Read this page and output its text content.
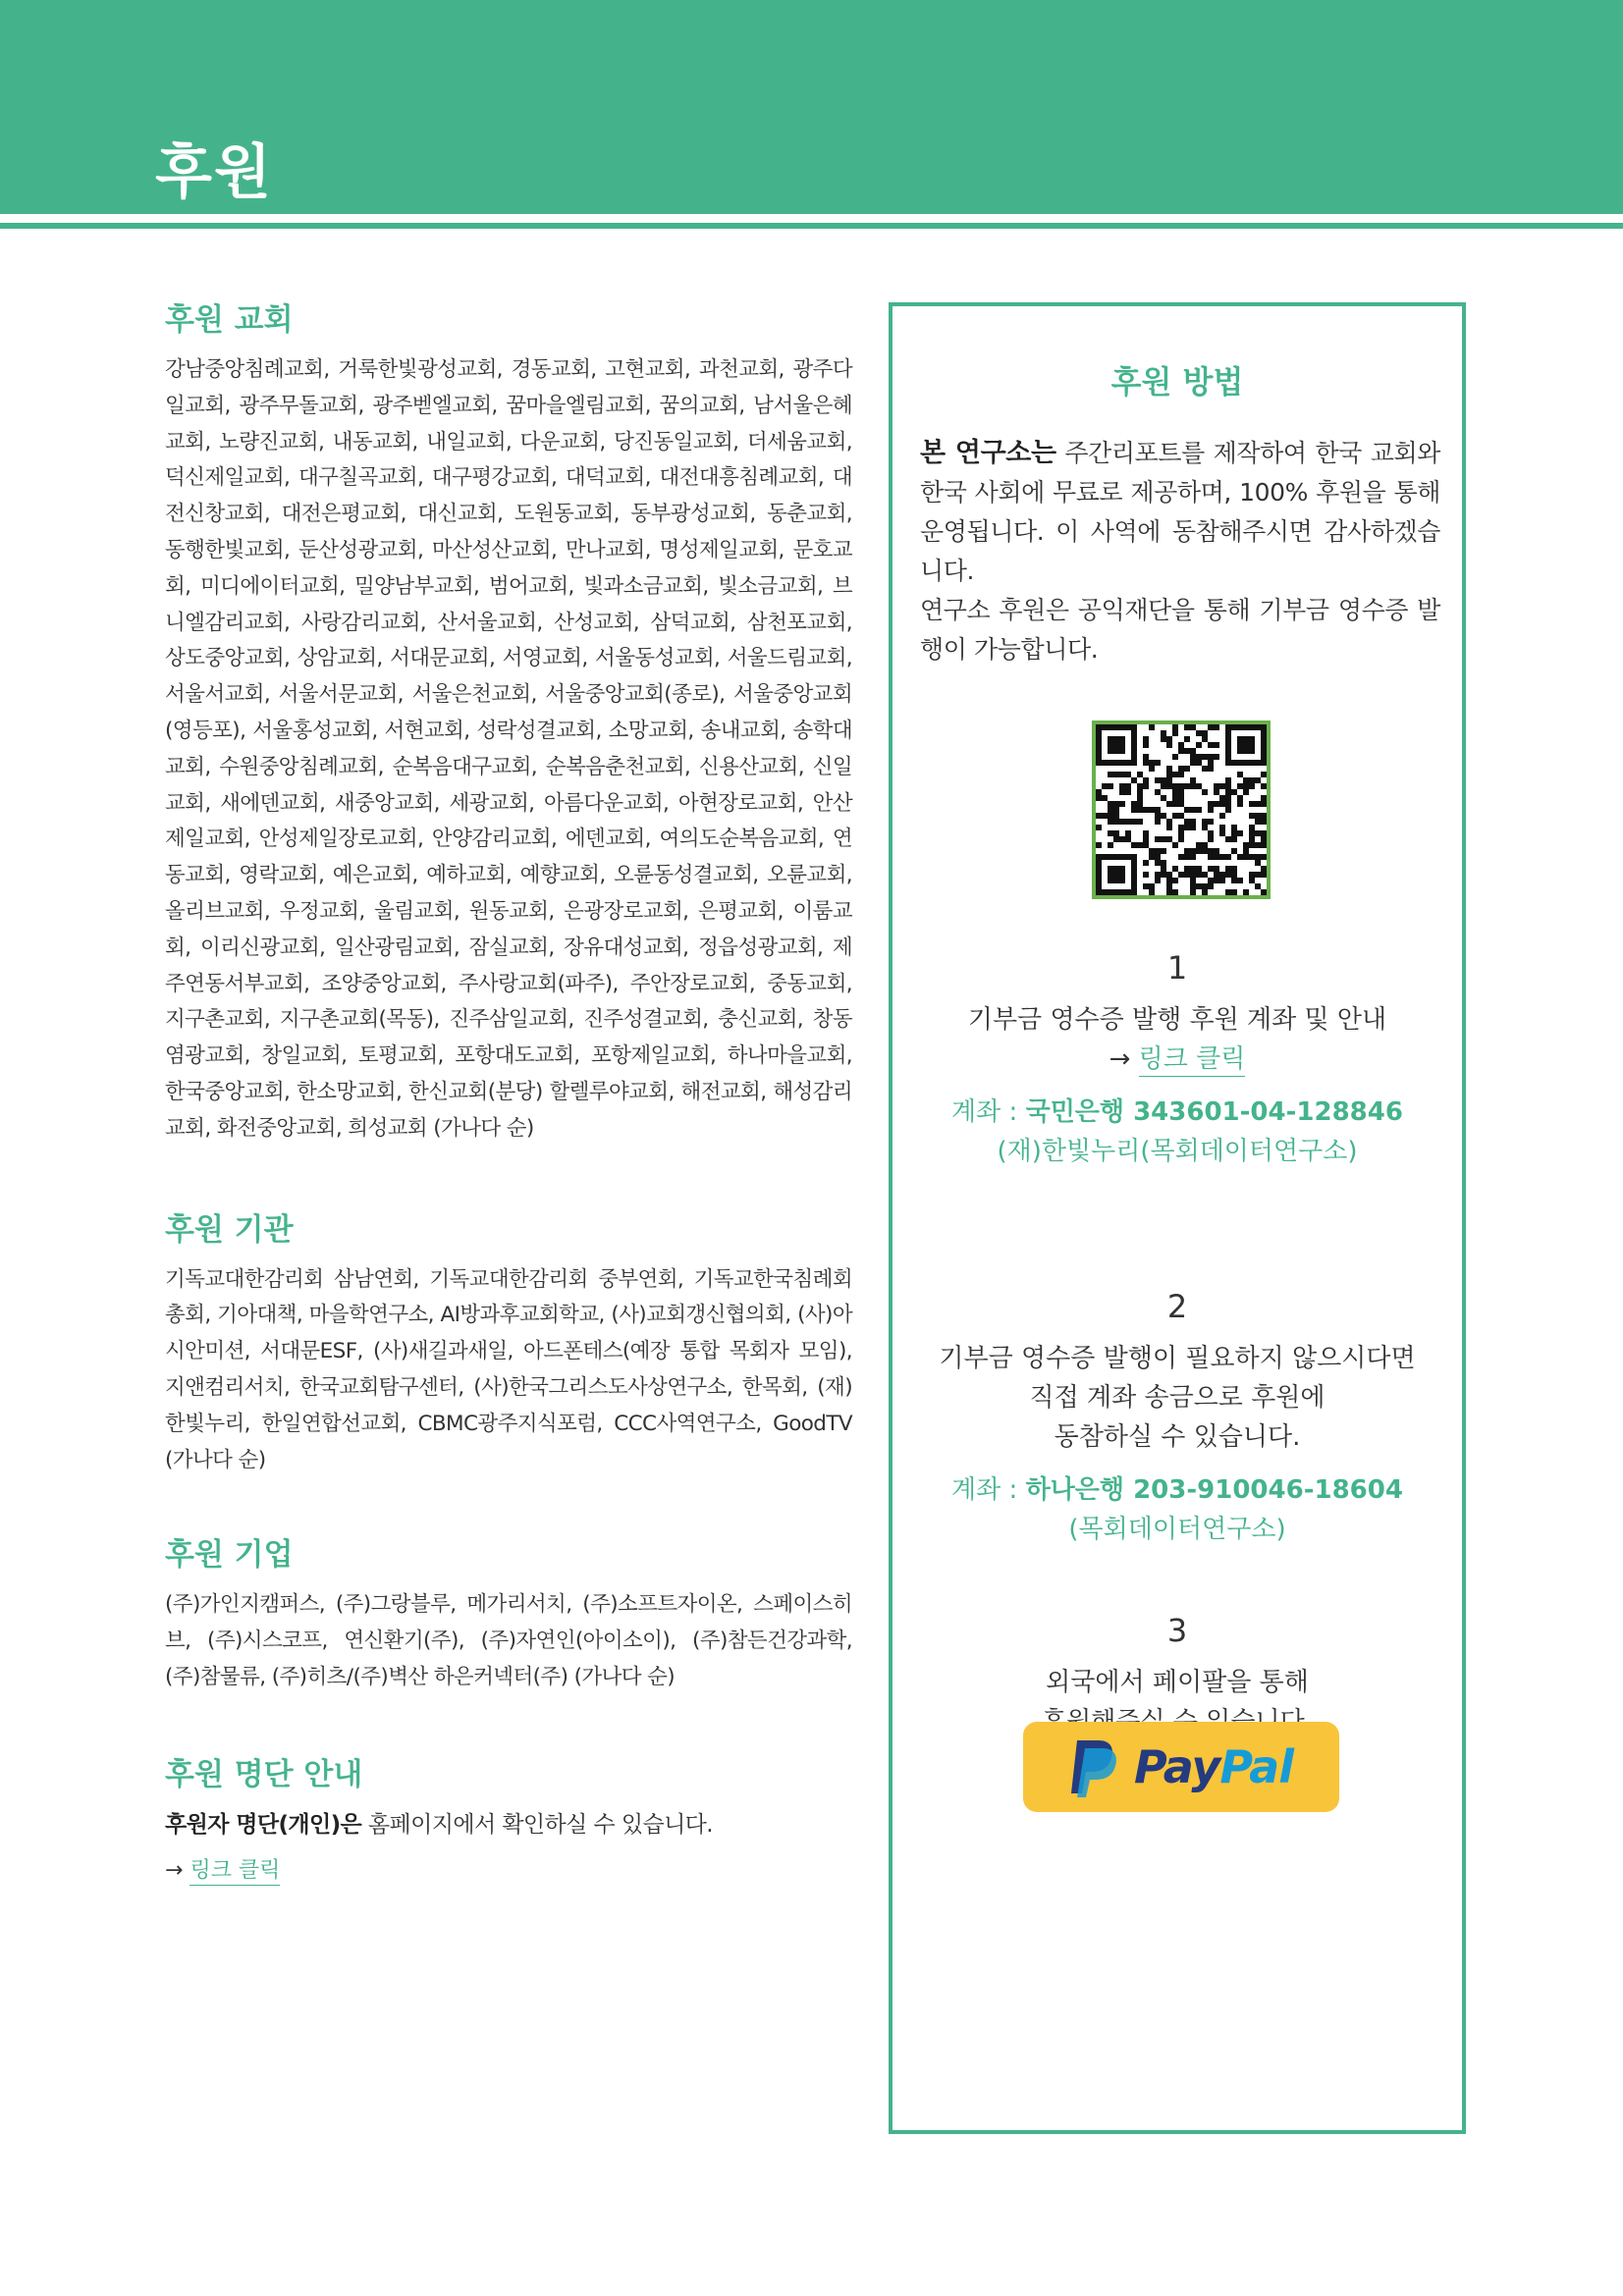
후원
후원 교회

강남중앙침례교회, 거룩한빛광성교회, 경동교회, 고현교회, 과천교회, 광주다일교회, 광주무돌교회, 광주벧엘교회, 꿈마을엘림교회, 꿈의교회, 남서울은혜교회, 노량진교회, 내동교회, 내일교회, 다운교회, 당진동일교회, 더세움교회, 덕신제일교회, 대구칠곡교회, 대구평강교회, 대덕교회, 대전대흥침례교회, 대전신창교회, 대전은평교회, 대신교회, 도원동교회, 동부광성교회, 동춘교회, 동행한빛교회, 둔산성광교회, 마산성산교회, 만나교회, 명성제일교회, 문호교회, 미디에이터교회, 밀양남부교회, 범어교회, 빛과소금교회, 빛소금교회, 브니엘감리교회, 사랑감리교회, 산서울교회, 산성교회, 삼덕교회, 삼천포교회, 상도중앙교회, 상암교회, 서대문교회, 서영교회, 서울동성교회, 서울드림교회, 서울서교회, 서울서문교회, 서울은천교회, 서울중앙교회(종로), 서울중앙교회(영등포), 서울홍성교회, 서현교회, 성락성결교회, 소망교회, 송내교회, 송학대교회, 수원중앙침례교회, 순복음대구교회, 순복음춘천교회, 신용산교회, 신일교회, 새에덴교회, 새중앙교회, 세광교회, 아름다운교회, 아현장로교회, 안산제일교회, 안성제일장로교회, 안양감리교회, 에덴교회, 여의도순복음교회, 연동교회, 영락교회, 예은교회, 예하교회, 예향교회, 오륜동성결교회, 오륜교회, 올리브교회, 우정교회, 울림교회, 원동교회, 은광장로교회, 은평교회, 이룸교회, 이리신광교회, 일산광림교회, 잠실교회, 장유대성교회, 정읍성광교회, 제주연동서부교회, 조양중앙교회, 주사랑교회(파주), 주안장로교회, 중동교회, 지구촌교회, 지구촌교회(목동), 진주삼일교회, 진주성결교회, 충신교회, 창동염광교회, 창일교회, 토평교회, 포항대도교회, 포항제일교회, 하나마을교회, 한국중앙교회, 한소망교회, 한신교회(분당) 할렐루야교회, 해전교회, 해성감리교회, 화전중앙교회, 희성교회 (가나다 순)

후원 기관

기독교대한감리회 삼남연회, 기독교대한감리회 중부연회, 기독교한국침례회총회, 기아대책, 마을학연구소, AI방과후교회학교, (사)교회갱신협의회, (사)아시안미션, 서대문ESF, (사)새길과새일, 아드폰테스(예장 통합 목회자 모임), 지앤컴리서치, 한국교회탐구센터, (사)한국그리스도사상연구소, 한목회, (재)한빛누리, 한일연합선교회, CBMC광주지식포럼, CCC사역연구소, GoodTV (가나다 순)

후원 기업

(주)가인지캠퍼스, (주)그랑블루, 메가리서치, (주)소프트자이온, 스페이스히브, (주)시스코프, 연신환기(주), (주)자연인(아이소이), (주)참든건강과학, (주)참물류, (주)히츠/(주)벽산 하은커넥터(주) (가나다 순)

후원 명단 안내

후원자 명단(개인)은 홈페이지에서 확인하실 수 있습니다.

→ 링크 클릭
후원 방법
본 연구소는 주간리포트를 제작하여 한국 교회와 한국 사회에 무료로 제공하며, 100% 후원을 통해 운영됩니다. 이 사역에 동참해주시면 감사하겠습니다.
연구소 후원은 공익재단을 통해 기부금 영수증 발행이 가능합니다.
1
기부금 영수증 발행 후원 계좌 및 안내
→ 링크 클릭
계좌 : 국민은행 343601-04-128846
(재)한빛누리(목회데이터연구소)
2
기부금 영수증 발행이 필요하지 않으시다면
직접 계좌 송금으로 후원에
동참하실 수 있습니다.
계좌 : 하나은행 203-910046-18604
(목회데이터연구소)
3
외국에서 페이팔을 통해
PayPal
